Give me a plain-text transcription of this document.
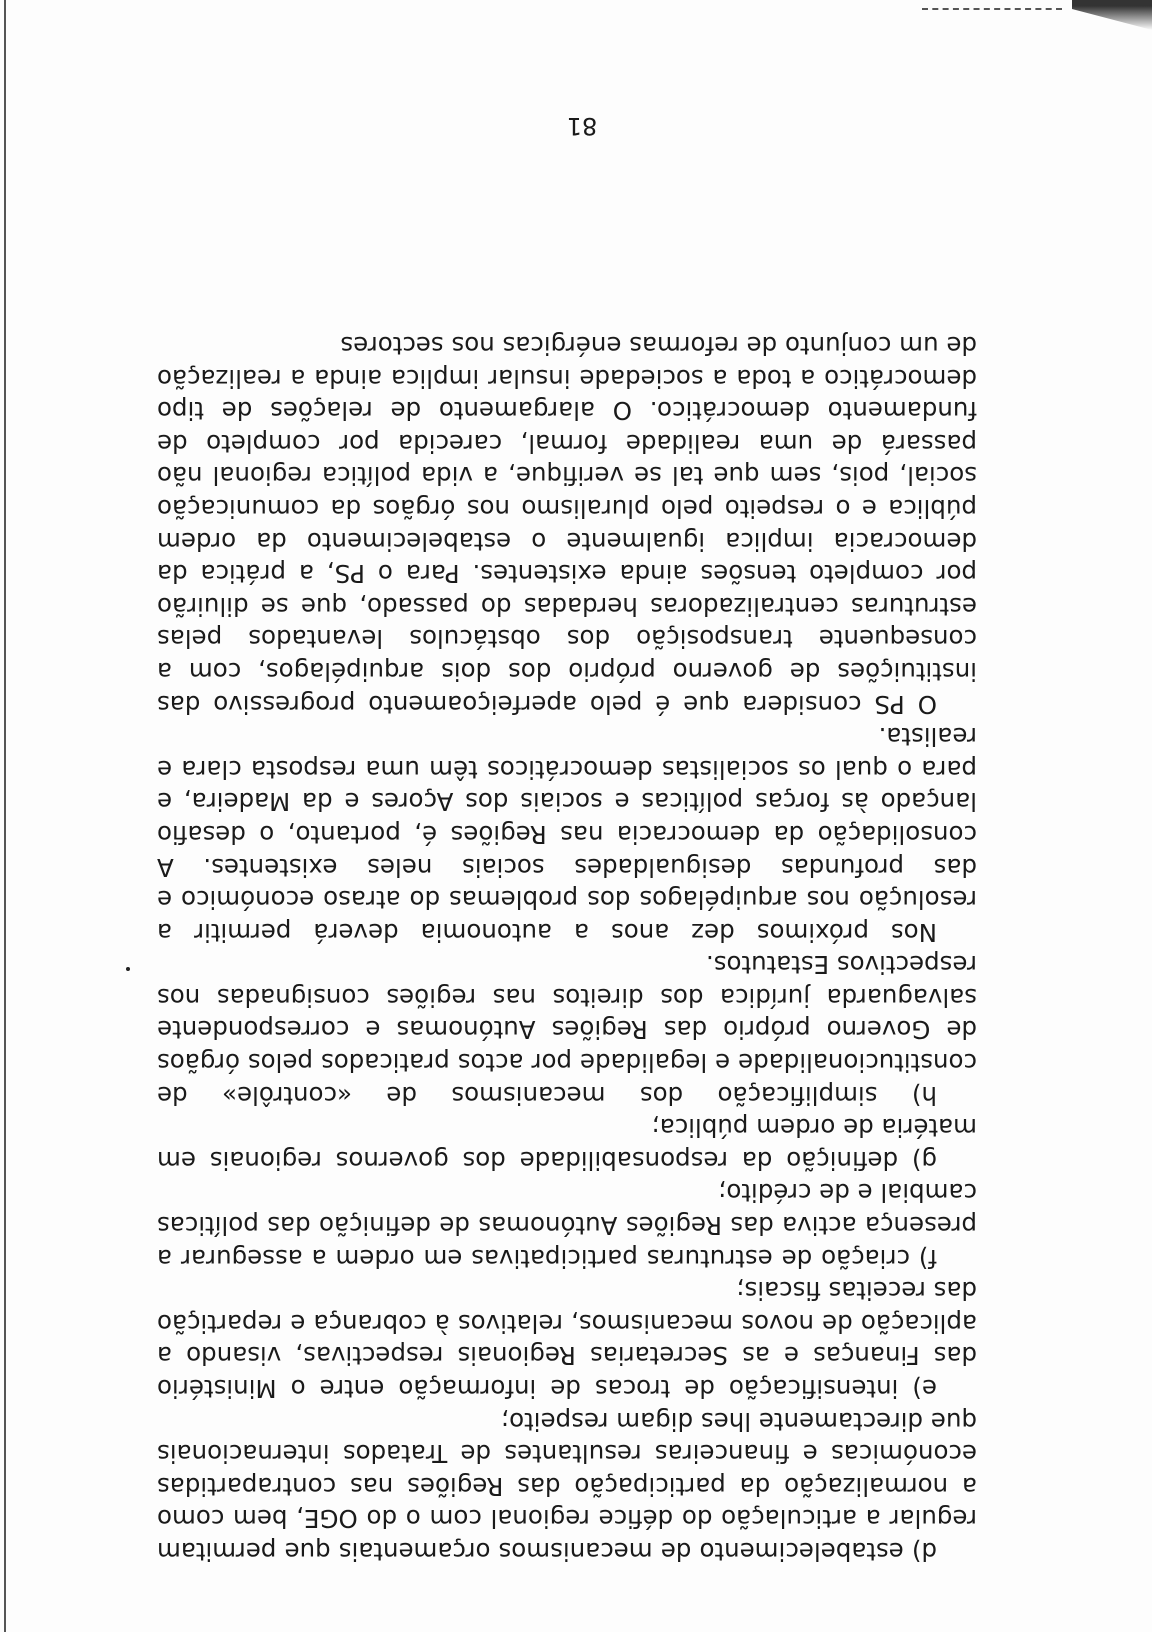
d) estabelecimento de mecanismos orçamentais que permitam regular a articulação do défice regional com o do OGE, bem como a normalização da participação das Regiões nas contrapartidas económicas e financeiras resultantes de Tratados internacionais que directamente lhes digam respeito;

e) intensificação de trocas de informação entre o Ministério das Finanças e as Secretarias Regionais respectivas, visando a aplicação de novos mecanismos, relativos à cobrança e repartição das receitas fiscais;

f) criação de estruturas participativas em ordem a assegurar a presença activa das Regiões Autónomas de definição das políticas cambial e de crédito;

g) definição da responsabilidade dos governos regionais em matéria de ordem pública;

h) simplificação dos mecanismos de «contrôle» de constitucionalidade e legalidade por actos praticados pelos órgãos de Governo próprio das Regiões Autónomas e correspondente salvaguarda jurídica dos direitos nas regiões consignadas nos respectivos Estatutos.

Nos próximos dez anos a autonomia deverá permitir a resolução nos arquipélagos dos problemas do atraso económico e das profundas desigualdades sociais neles existentes. A consolidação da democracia nas Regiões é, portanto, o desafio lançado às forças políticas e sociais dos Açores e da Madeira, e para o qual os socialistas democráticos têm uma resposta clara e realista.

O PS considera que é pelo aperfeiçoamento progressivo das instituições de governo próprio dos dois arquipélagos, com a consequente transposição dos obstáculos levantados pelas estruturas centralizadoras herdadas do passado, que se diluirão por completo tensões ainda existentes. Para o PS, a prática da democracia implica igualmente o estabelecimento da ordem pública e o respeito pelo pluralismo nos órgãos da comunicação social, pois, sem que tal se verifique, a vida política regional não passará de uma realidade formal, carecida por completo de fundamento democrático. O alargamento de relações de tipo democrático a toda a sociedade insular implica ainda a realização de um conjunto de reformas enérgicas nos sectores

81
